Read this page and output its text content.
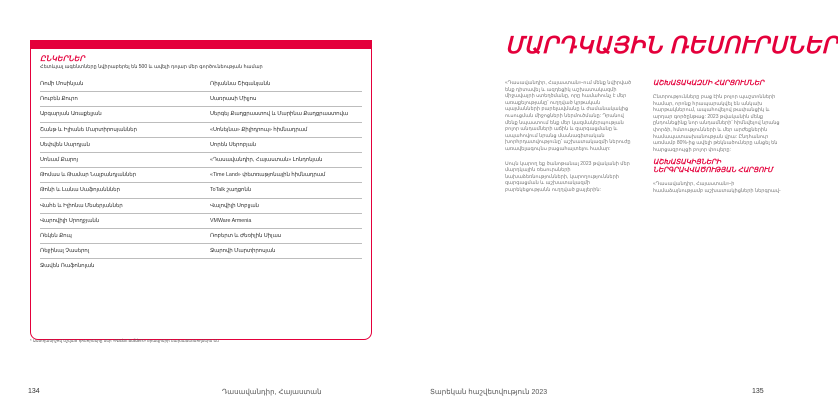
ԸՆԿԵՐՆԵՐ
Հետևյալ ագենտները նվիրաբերել են 500 և ավելի դոլար մեր գործունեության համար
Ռոմի Մոսինյան	Ռիլաննա Շիգանյանն
Ռուբեն Քուրո	Սառրասի Միլյոս
Աբգարյան Առաքելյան	Սերգեյ Քաղցրաստով և Մարինա Քաղցրաստովա
Շանթ և Իլիանե Մարտիրոսյաններ	«Սոնեյնա» Քիլիդրոպ» հիմնադրամ
Սեփվեն Սարդյան	Սորեն Սերոբյան
Սոնամ Քարոյ	«Դասավանդիր, Հայաստան» Լոնդոնյան
Թոմաս և Թամար Նալբանդյաններ	«Time Land» փետռաթյոնային հիմնադրամ
Թոնի և Լանա Սաֆոյանններ	ToTalk շաղցոնն
Վահե և Իլիոնա Մեսերյաններ	Վալովիլի Սոբլյան
Վարովիլի Սրողջյանն	VMWare Armenia
Ռեկեն Քոպ	Ռոբերտ և Ժեռիլին Սիլաս
Ռեջինալ Չասերոլ	Ջարովի Մարտիրոսյան
Ջավեն Ռաֆոնոլան
* Աստղանիշով նշված դոնորները մեր «Nation Builders» ծրագրերի նախաձեռնողներն են
134	Դասավանդիր, Հայաստան
ՄԱՐԴԿԱՅԻՆ ՌԵՍՈՒՐՍՆԵՐ

«Դասավանդիր, Հայաստան»-ում մենք նվիրված ենք դիտավել և ազդեցիկ աշխատակազմի միջավայրի ստեղծմանը, որը համահունչ է մեր առաքելությանը՝ ուղղված կրթական պայմանների բարելավմանը և ժամանակակից ուսուցման միջոցների ներմուծմանը: Դրանով մենք նպաստում ենք մեր կազմակերպության բոլոր անդամների աճին և զարգացմանը և ապահովում նրանց մասնագիտական խորհրդատվությունը՝ աշխատակազմի ներուժը առավելագույնս բացահայտելու համար:

Սույն կարող եք ծանոթանալ 2023 թվականի մեր մարդկային ռեսուրսների նախաձեռնությունների, կարողությունների զարգացման և աշխատակազմի բարեկեցությանն ուղղված քայլերին:

ԱՇԽԱՏԱԿԱԶՄԻ ՀԱՐՑՈՒՄՆԵՐ

Ընտրությունները բաց էին բոլոր պաշտոնների համար, որոնք հրապարակվել են անկախ հարթակներում, ապահովելով թափանցիկ և արդար գործընթաց: 2023 թվականին մենք ընդունեցինք նոր անդամների՝ հիմնվելով նրանց փորձի, հմտությունների և մեր արժեքներին համապատասխանության վրա: Ընդհանուր առմամբ 80%-ից ավելի թեկնածուները անցել են հարցազրույցի բոլոր փուլերը:

ԱՇԽԱՏԱԿԻՑՆԵՐԻ ՆԵՐԳՐԱՎՎԱԾՈՒԹՅԱՆ ՀԱՐՑՈՒՄ

«Դասավանդիր, Հայաստան»-ի համաձայնությամբ աշխատակիցների ներգրավ-

Տարեկան հաշվետվություն 2023	135
